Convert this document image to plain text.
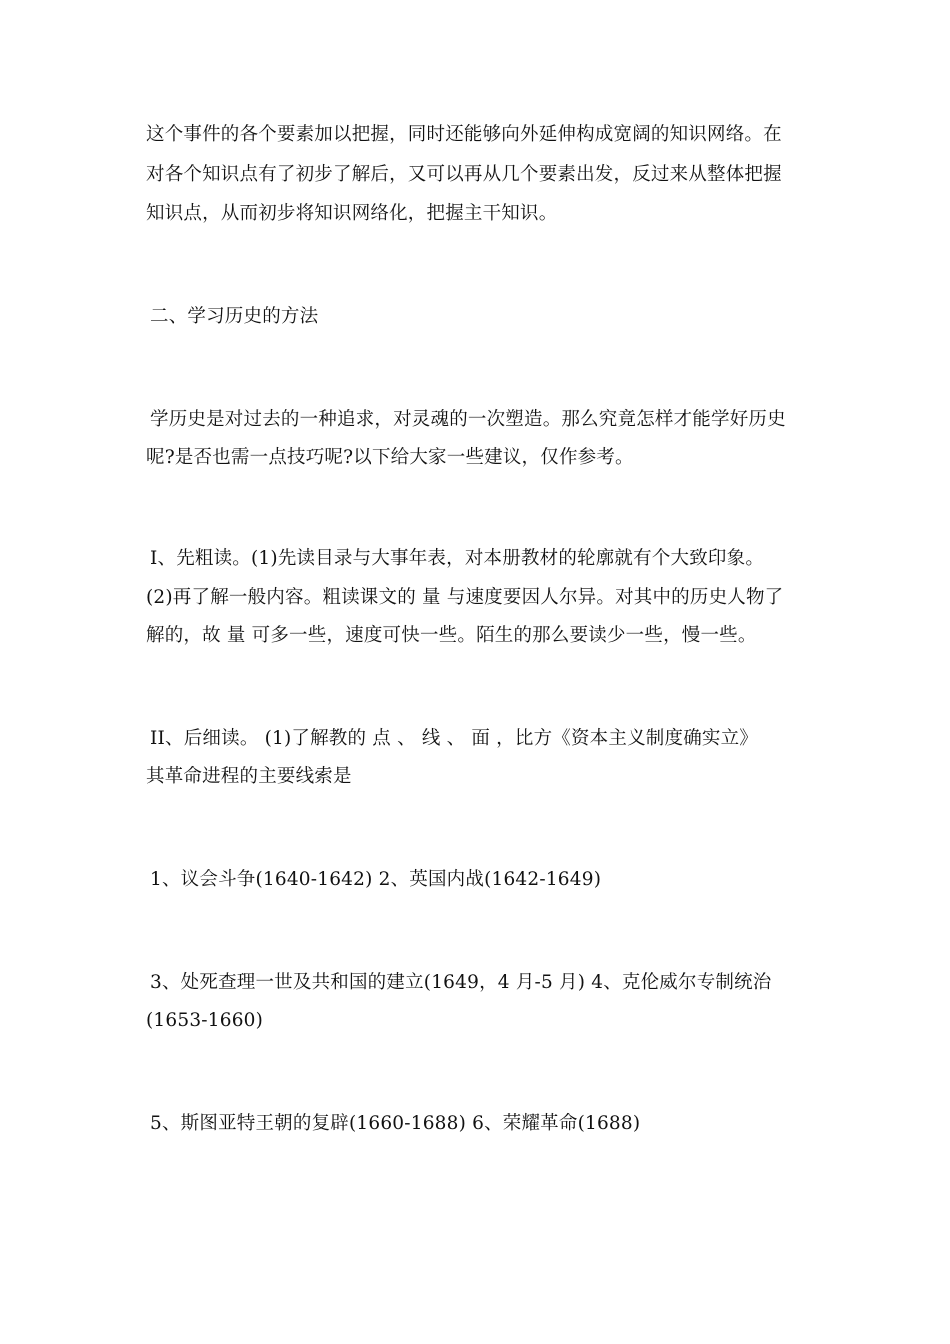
这个事件的各个要素加以把握，同时还能够向外延伸构成宽阔的知识网络。在
对各个知识点有了初步了解后，又可以再从几个要素出发，反过来从整体把握
知识点，从而初步将知识网络化，把握主干知识。
二、学习历史的方法
学历史是对过去的一种追求，对灵魂的一次塑造。那么究竟怎样才能学好历史
呢?是否也需一点技巧呢?以下给大家一些建议，仅作参考。
I、先粗读。(1)先读目录与大事年表，对本册教材的轮廓就有个大致印象。
(2)再了解一般内容。粗读课文的 量 与速度要因人尔异。对其中的历史人物了
解的，故 量 可多一些，速度可快一些。陌生的那么要读少一些，慢一些。
II、后细读。 (1)了解教的 点 、 线 、 面 ，比方《资本主义制度确实立》
其革命进程的主要线索是
1、议会斗争(1640-1642) 2、英国内战(1642-1649)
3、处死查理一世及共和国的建立(1649，4 月-5 月) 4、克伦威尔专制统治
(1653-1660)
5、斯图亚特王朝的复辟(1660-1688) 6、荣耀革命(1688)
